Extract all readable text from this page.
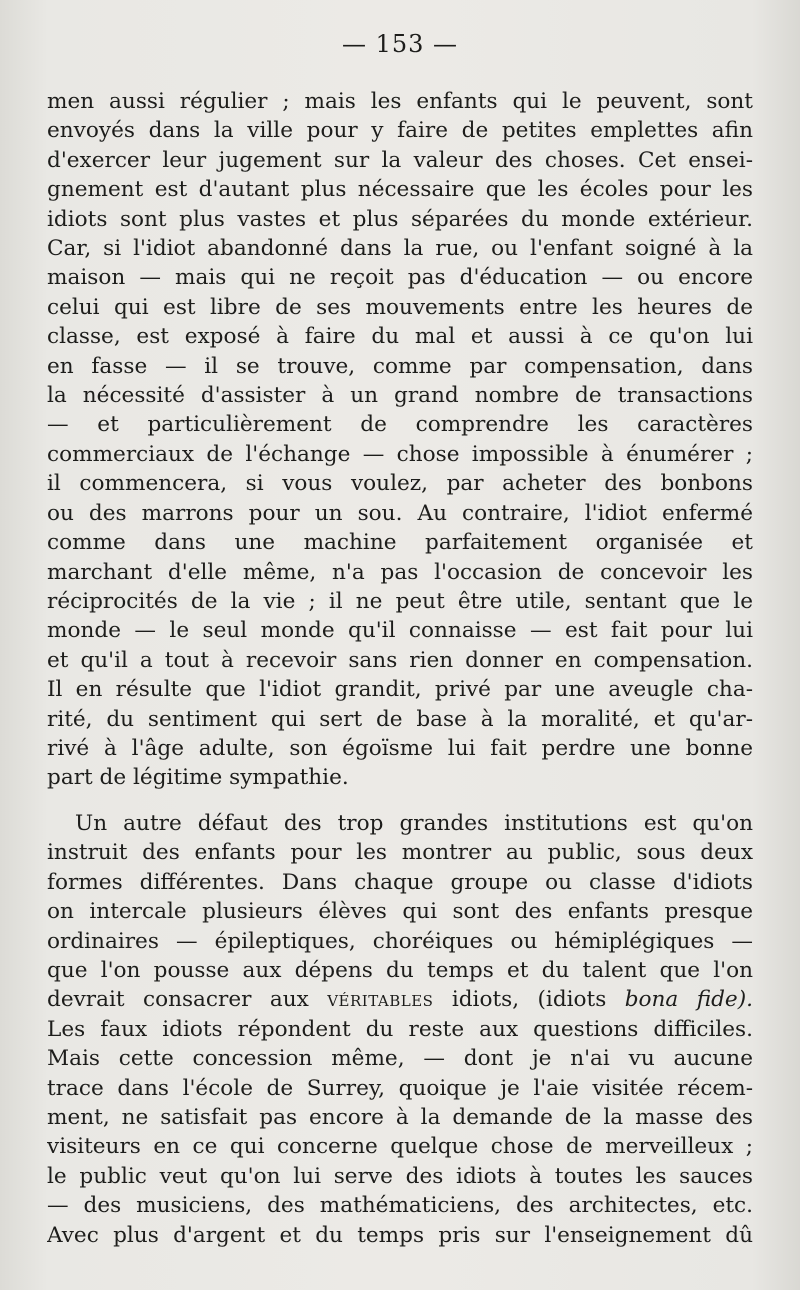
— 153 —
men aussi régulier ; mais les enfants qui le peuvent, sont
envoyés dans la ville pour y faire de petites emplettes afin
d'exercer leur jugement sur la valeur des choses. Cet ensei-
gnement est d'autant plus nécessaire que les écoles pour les
idiots sont plus vastes et plus séparées du monde extérieur.
Car, si l'idiot abandonné dans la rue, ou l'enfant soigné à la
maison — mais qui ne reçoit pas d'éducation — ou encore
celui qui est libre de ses mouvements entre les heures de
classe, est exposé à faire du mal et aussi à ce qu'on lui
en fasse — il se trouve, comme par compensation, dans
la nécessité d'assister à un grand nombre de transactions
— et particulièrement de comprendre les caractères
commerciaux de l'échange — chose impossible à énumérer ;
il commencera, si vous voulez, par acheter des bonbons
ou des marrons pour un sou. Au contraire, l'idiot enfermé
comme dans une machine parfaitement organisée et
marchant d'elle même, n'a pas l'occasion de concevoir les
réciprocités de la vie ; il ne peut être utile, sentant que le
monde — le seul monde qu'il connaisse — est fait pour lui
et qu'il a tout à recevoir sans rien donner en compensation.
Il en résulte que l'idiot grandit, privé par une aveugle cha-
rité, du sentiment qui sert de base à la moralité, et qu'ar-
rivé à l'âge adulte, son égoïsme lui fait perdre une bonne
part de légitime sympathie.
Un autre défaut des trop grandes institutions est qu'on
instruit des enfants pour les montrer au public, sous deux
formes différentes. Dans chaque groupe ou classe d'idiots
on intercale plusieurs élèves qui sont des enfants presque
ordinaires — épileptiques, choréiques ou hémiplégiques —
que l'on pousse aux dépens du temps et du talent que l'on
devrait consacrer aux véritables idiots, (idiots bona fide).
Les faux idiots répondent du reste aux questions difficiles.
Mais cette concession même, — dont je n'ai vu aucune
trace dans l'école de Surrey, quoique je l'aie visitée récem-
ment, ne satisfait pas encore à la demande de la masse des
visiteurs en ce qui concerne quelque chose de merveilleux ;
le public veut qu'on lui serve des idiots à toutes les sauces
— des musiciens, des mathématiciens, des architectes, etc.
Avec plus d'argent et du temps pris sur l'enseignement dû
